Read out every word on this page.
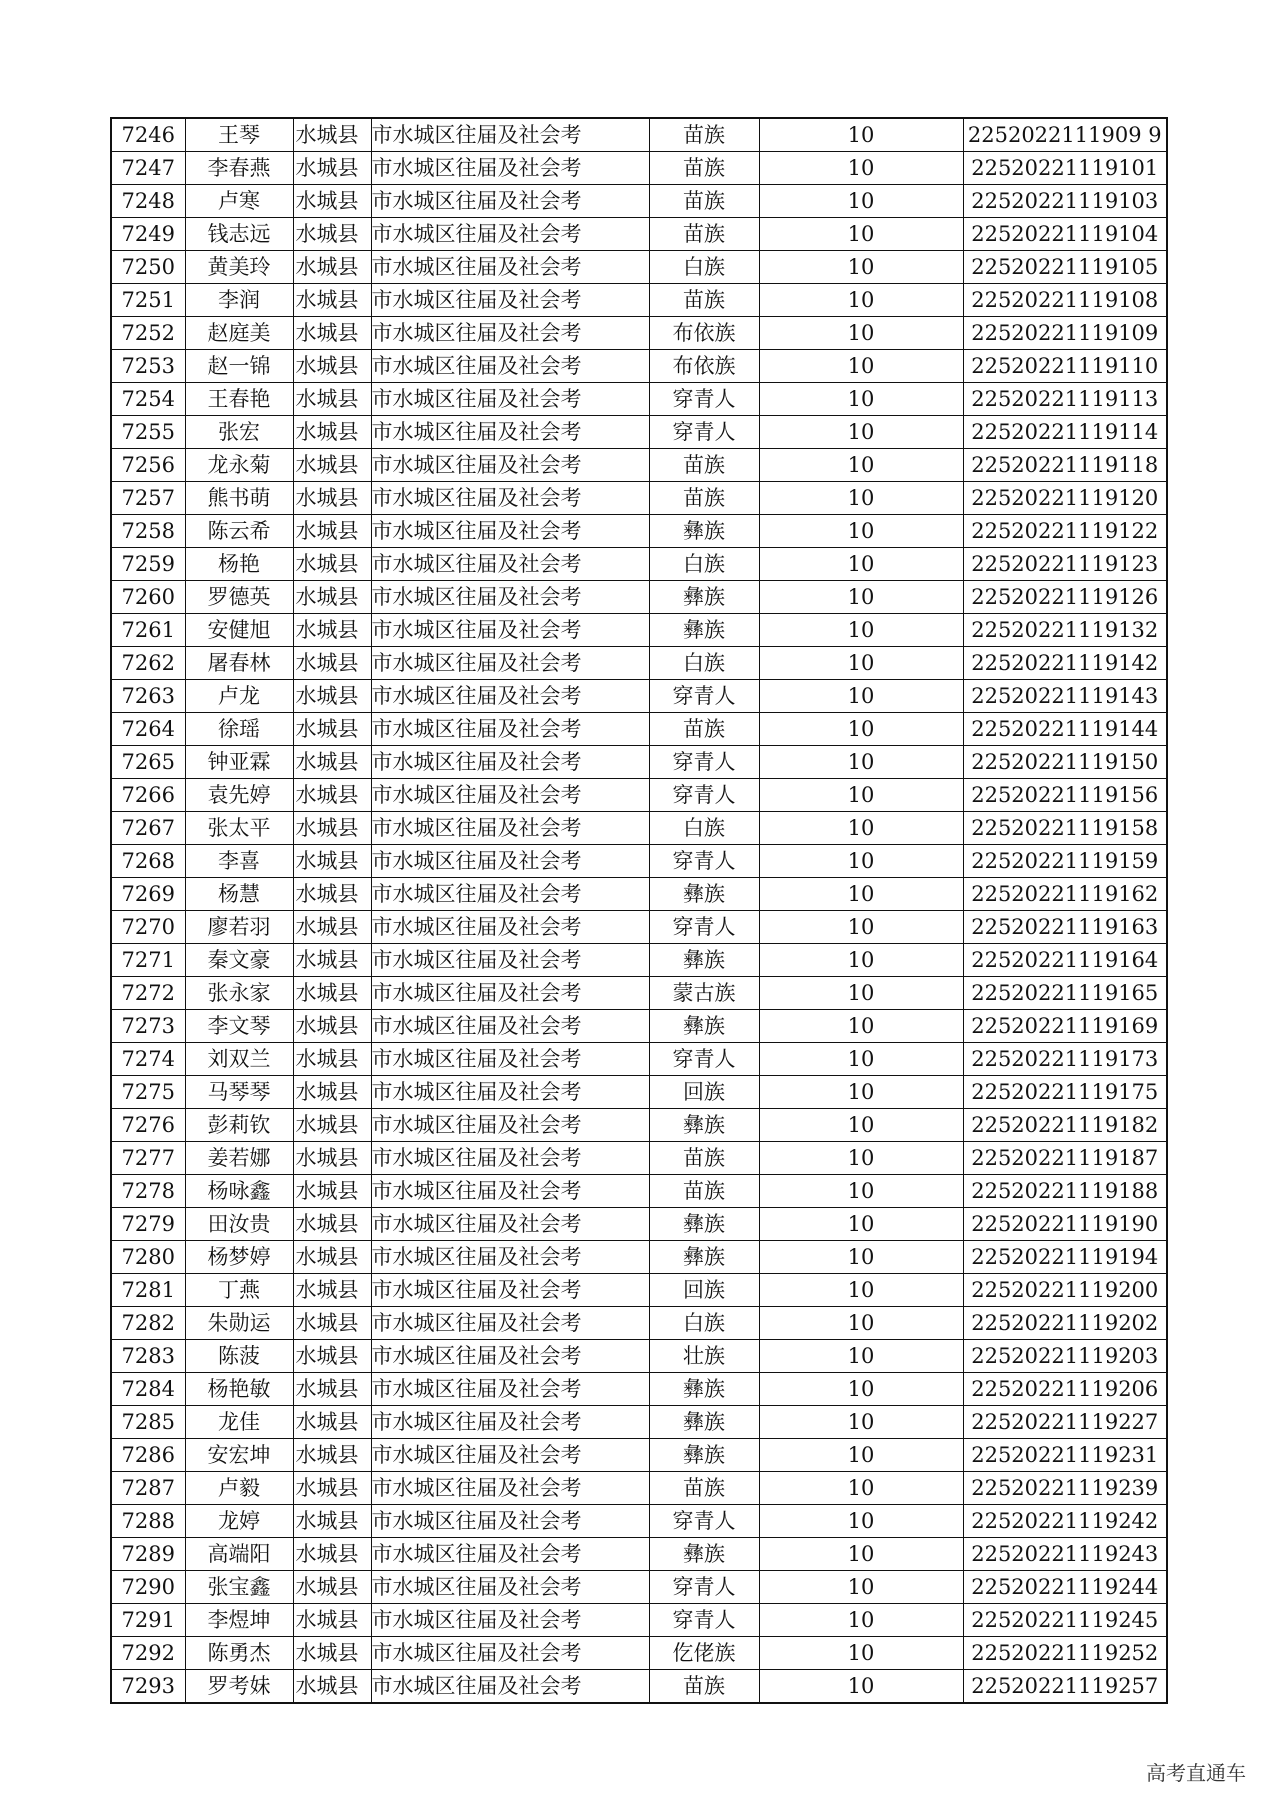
7246	王琴	水城县	市水城区往届及社会考	苗族	10	2252022111909 9
7247	李春燕	水城县	市水城区往届及社会考	苗族	10	22520221119101
7248	卢寒	水城县	市水城区往届及社会考	苗族	10	22520221119103
7249	钱志远	水城县	市水城区往届及社会考	苗族	10	22520221119104
7250	黄美玲	水城县	市水城区往届及社会考	白族	10	22520221119105
7251	李润	水城县	市水城区往届及社会考	苗族	10	22520221119108
7252	赵庭美	水城县	市水城区往届及社会考	布依族	10	22520221119109
7253	赵一锦	水城县	市水城区往届及社会考	布依族	10	22520221119110
7254	王春艳	水城县	市水城区往届及社会考	穿青人	10	22520221119113
7255	张宏	水城县	市水城区往届及社会考	穿青人	10	22520221119114
7256	龙永菊	水城县	市水城区往届及社会考	苗族	10	22520221119118
7257	熊书萌	水城县	市水城区往届及社会考	苗族	10	22520221119120
7258	陈云希	水城县	市水城区往届及社会考	彝族	10	22520221119122
7259	杨艳	水城县	市水城区往届及社会考	白族	10	22520221119123
7260	罗德英	水城县	市水城区往届及社会考	彝族	10	22520221119126
7261	安健旭	水城县	市水城区往届及社会考	彝族	10	22520221119132
7262	屠春林	水城县	市水城区往届及社会考	白族	10	22520221119142
7263	卢龙	水城县	市水城区往届及社会考	穿青人	10	22520221119143
7264	徐瑶	水城县	市水城区往届及社会考	苗族	10	22520221119144
7265	钟亚霖	水城县	市水城区往届及社会考	穿青人	10	22520221119150
7266	袁先婷	水城县	市水城区往届及社会考	穿青人	10	22520221119156
7267	张太平	水城县	市水城区往届及社会考	白族	10	22520221119158
7268	李喜	水城县	市水城区往届及社会考	穿青人	10	22520221119159
7269	杨慧	水城县	市水城区往届及社会考	彝族	10	22520221119162
7270	廖若羽	水城县	市水城区往届及社会考	穿青人	10	22520221119163
7271	秦文豪	水城县	市水城区往届及社会考	彝族	10	22520221119164
7272	张永家	水城县	市水城区往届及社会考	蒙古族	10	22520221119165
7273	李文琴	水城县	市水城区往届及社会考	彝族	10	22520221119169
7274	刘双兰	水城县	市水城区往届及社会考	穿青人	10	22520221119173
7275	马琴琴	水城县	市水城区往届及社会考	回族	10	22520221119175
7276	彭莉钦	水城县	市水城区往届及社会考	彝族	10	22520221119182
7277	姜若娜	水城县	市水城区往届及社会考	苗族	10	22520221119187
7278	杨咏鑫	水城县	市水城区往届及社会考	苗族	10	22520221119188
7279	田汝贵	水城县	市水城区往届及社会考	彝族	10	22520221119190
7280	杨梦婷	水城县	市水城区往届及社会考	彝族	10	22520221119194
7281	丁燕	水城县	市水城区往届及社会考	回族	10	22520221119200
7282	朱勋运	水城县	市水城区往届及社会考	白族	10	22520221119202
7283	陈菠	水城县	市水城区往届及社会考	壮族	10	22520221119203
7284	杨艳敏	水城县	市水城区往届及社会考	彝族	10	22520221119206
7285	龙佳	水城县	市水城区往届及社会考	彝族	10	22520221119227
7286	安宏坤	水城县	市水城区往届及社会考	彝族	10	22520221119231
7287	卢毅	水城县	市水城区往届及社会考	苗族	10	22520221119239
7288	龙婷	水城县	市水城区往届及社会考	穿青人	10	22520221119242
7289	高端阳	水城县	市水城区往届及社会考	彝族	10	22520221119243
7290	张宝鑫	水城县	市水城区往届及社会考	穿青人	10	22520221119244
7291	李煜坤	水城县	市水城区往届及社会考	穿青人	10	22520221119245
7292	陈勇杰	水城县	市水城区往届及社会考	仡佬族	10	22520221119252
7293	罗考妹	水城县	市水城区往届及社会考	苗族	10	22520221119257
高考直通车
